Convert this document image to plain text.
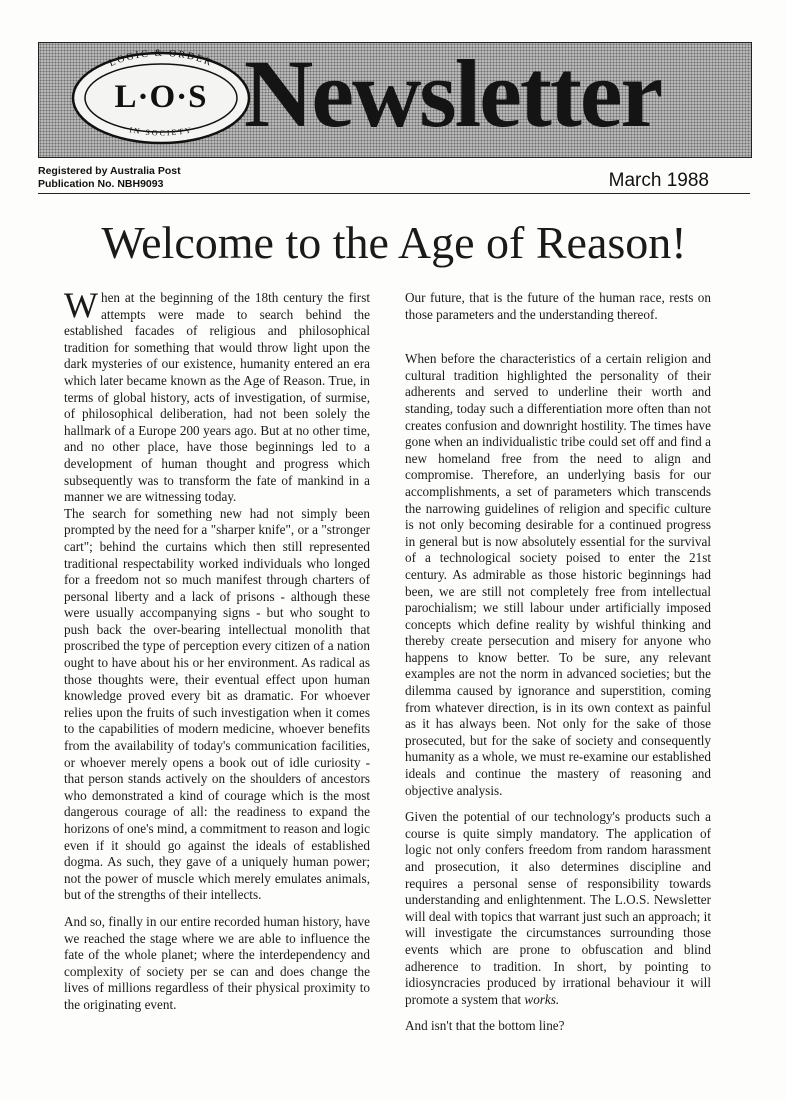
LOGIC & ORDER
IN SOCIETY
L·O·S Newsletter
Registered by Australia Post
Publication No. NBH9093	March 1988
Welcome to the Age of Reason!

When at the beginning of the 18th century the first attempts were made to search behind the established facades of religious and philosophical tradition for something that would throw light upon the dark mysteries of our existence, humanity entered an era which later became known as the Age of Reason. True, in terms of global history, acts of investigation, of surmise, of philosophical deliberation, had not been solely the hallmark of a Europe 200 years ago. But at no other time, and no other place, have those beginnings led to a development of human thought and progress which subsequently was to transform the fate of mankind in a manner we are witnessing today.

The search for something new had not simply been prompted by the need for a "sharper knife", or a "stronger cart"; behind the curtains which then still represented traditional respectability worked individuals who longed for a freedom not so much manifest through charters of personal liberty and a lack of prisons - although these were usually accompanying signs - but who sought to push back the over-bearing intellectual monolith that proscribed the type of perception every citizen of a nation ought to have about his or her environment. As radical as those thoughts were, their eventual effect upon human knowledge proved every bit as dramatic. For whoever relies upon the fruits of such investigation when it comes to the capabilities of modern medicine, whoever benefits from the availability of today's communication facilities, or whoever merely opens a book out of idle curiosity - that person stands actively on the shoulders of ancestors who demonstrated a kind of courage which is the most dangerous courage of all: the readiness to expand the horizons of one's mind, a commitment to reason and logic even if it should go against the ideals of established dogma. As such, they gave of a uniquely human power; not the power of muscle which merely emulates animals, but of the strengths of their intellects.

And so, finally in our entire recorded human history, have we reached the stage where we are able to influence the fate of the whole planet; where the interdependency and complexity of society per se can and does change the lives of millions regardless of their physical proximity to the originating event.

Our future, that is the future of the human race, rests on those parameters and the understanding thereof.

When before the characteristics of a certain religion and cultural tradition highlighted the personality of their adherents and served to underline their worth and standing, today such a differentiation more often than not creates confusion and downright hostility. The times have gone when an individualistic tribe could set off and find a new homeland free from the need to align and compromise. Therefore, an underlying basis for our accomplishments, a set of parameters which transcends the narrowing guidelines of religion and specific culture is not only becoming desirable for a continued progress in general but is now absolutely essential for the survival of a technological society poised to enter the 21st century. As admirable as those historic beginnings had been, we are still not completely free from intellectual parochialism; we still labour under artificially imposed concepts which define reality by wishful thinking and thereby create persecution and misery for anyone who happens to know better. To be sure, any relevant examples are not the norm in advanced societies; but the dilemma caused by ignorance and superstition, coming from whatever direction, is in its own context as painful as it has always been. Not only for the sake of those prosecuted, but for the sake of society and consequently humanity as a whole, we must re-examine our established ideals and continue the mastery of reasoning and objective analysis.

Given the potential of our technology's products such a course is quite simply mandatory. The application of logic not only confers freedom from random harassment and prosecution, it also determines discipline and requires a personal sense of responsibility towards understanding and enlightenment. The L.O.S. Newsletter will deal with topics that warrant just such an approach; it will investigate the circumstances surrounding those events which are prone to obfuscation and blind adherence to tradition. In short, by pointing to idiosyncracies produced by irrational behaviour it will promote a system that works.

And isn't that the bottom line?
